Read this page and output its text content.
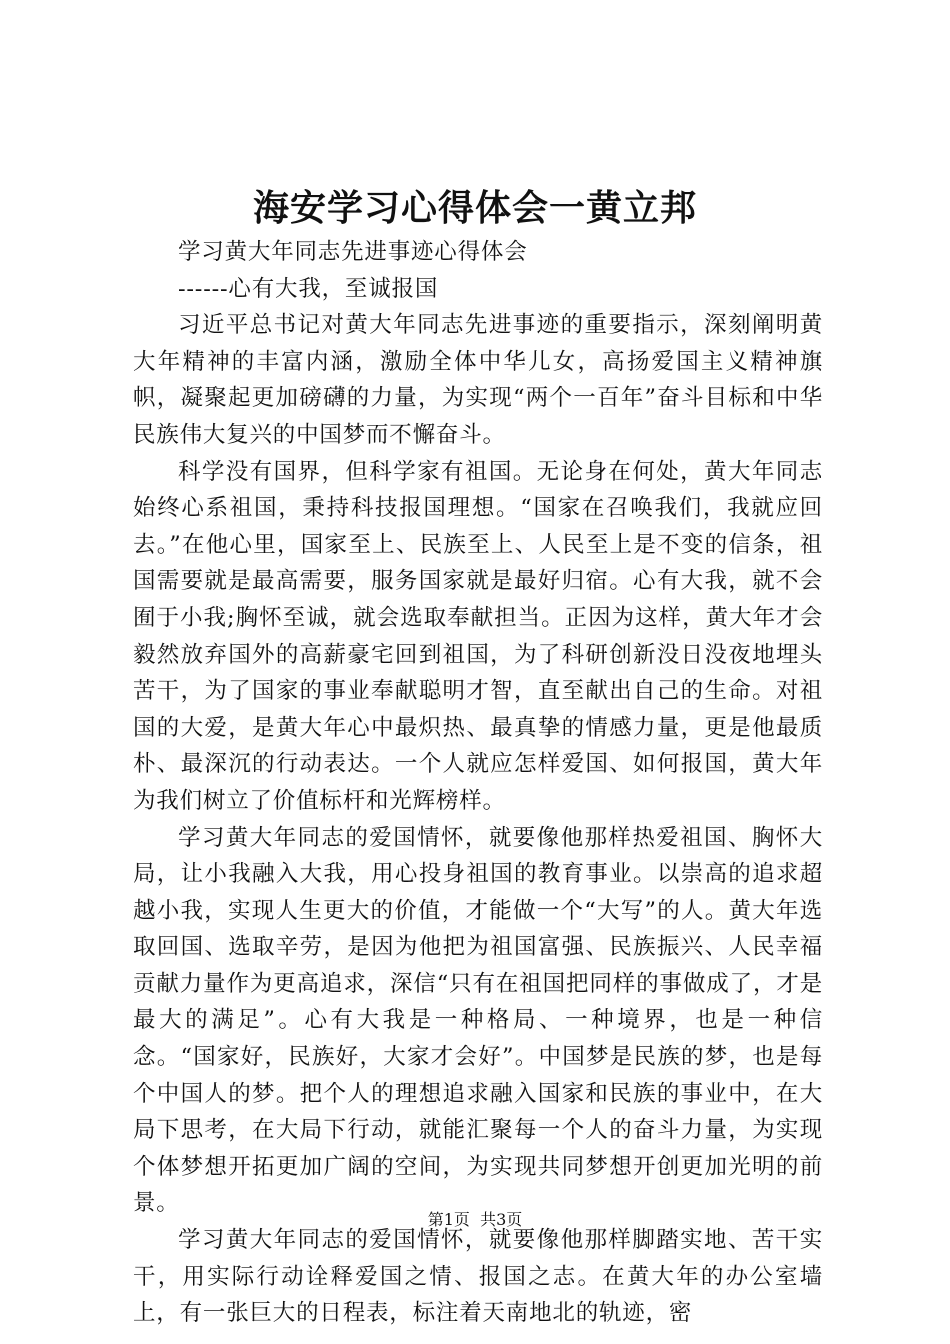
海安学习心得体会一黄立邦

学习黄大年同志先进事迹心得体会

------心有大我，至诚报国

习近平总书记对黄大年同志先进事迹的重要指示，深刻阐明黄大年精神的丰富内涵，激励全体中华儿女，高扬爱国主义精神旗帜，凝聚起更加磅礴的力量，为实现“两个一百年”奋斗目标和中华民族伟大复兴的中国梦而不懈奋斗。

科学没有国界，但科学家有祖国。无论身在何处，黄大年同志始终心系祖国，秉持科技报国理想。“国家在召唤我们，我就应回去。”在他心里，国家至上、民族至上、人民至上是不变的信条，祖国需要就是最高需要，服务国家就是最好归宿。心有大我，就不会囿于小我;胸怀至诚，就会选取奉献担当。正因为这样，黄大年才会毅然放弃国外的高薪豪宅回到祖国，为了科研创新没日没夜地埋头苦干，为了国家的事业奉献聪明才智，直至献出自己的生命。对祖国的大爱，是黄大年心中最炽热、最真挚的情感力量，更是他最质朴、最深沉的行动表达。一个人就应怎样爱国、如何报国，黄大年为我们树立了价值标杆和光辉榜样。

学习黄大年同志的爱国情怀，就要像他那样热爱祖国、胸怀大局，让小我融入大我，用心投身祖国的教育事业。以崇高的追求超越小我，实现人生更大的价值，才能做一个“大写”的人。黄大年选取回国、选取辛劳，是因为他把为祖国富强、民族振兴、人民幸福贡献力量作为更高追求，深信“只有在祖国把同样的事做成了，才是最大的满足”。心有大我是一种格局、一种境界，也是一种信念。“国家好，民族好，大家才会好”。中国梦是民族的梦，也是每个中国人的梦。把个人的理想追求融入国家和民族的事业中，在大局下思考，在大局下行动，就能汇聚每一个人的奋斗力量，为实现个体梦想开拓更加广阔的空间，为实现共同梦想开创更加光明的前景。

学习黄大年同志的爱国情怀，就要像他那样脚踏实地、苦干实干，用实际行动诠释爱国之情、报国之志。在黄大年的办公室墙上，有一张巨大的日程表，标注着天南地北的轨迹，密

第1页 共3页
